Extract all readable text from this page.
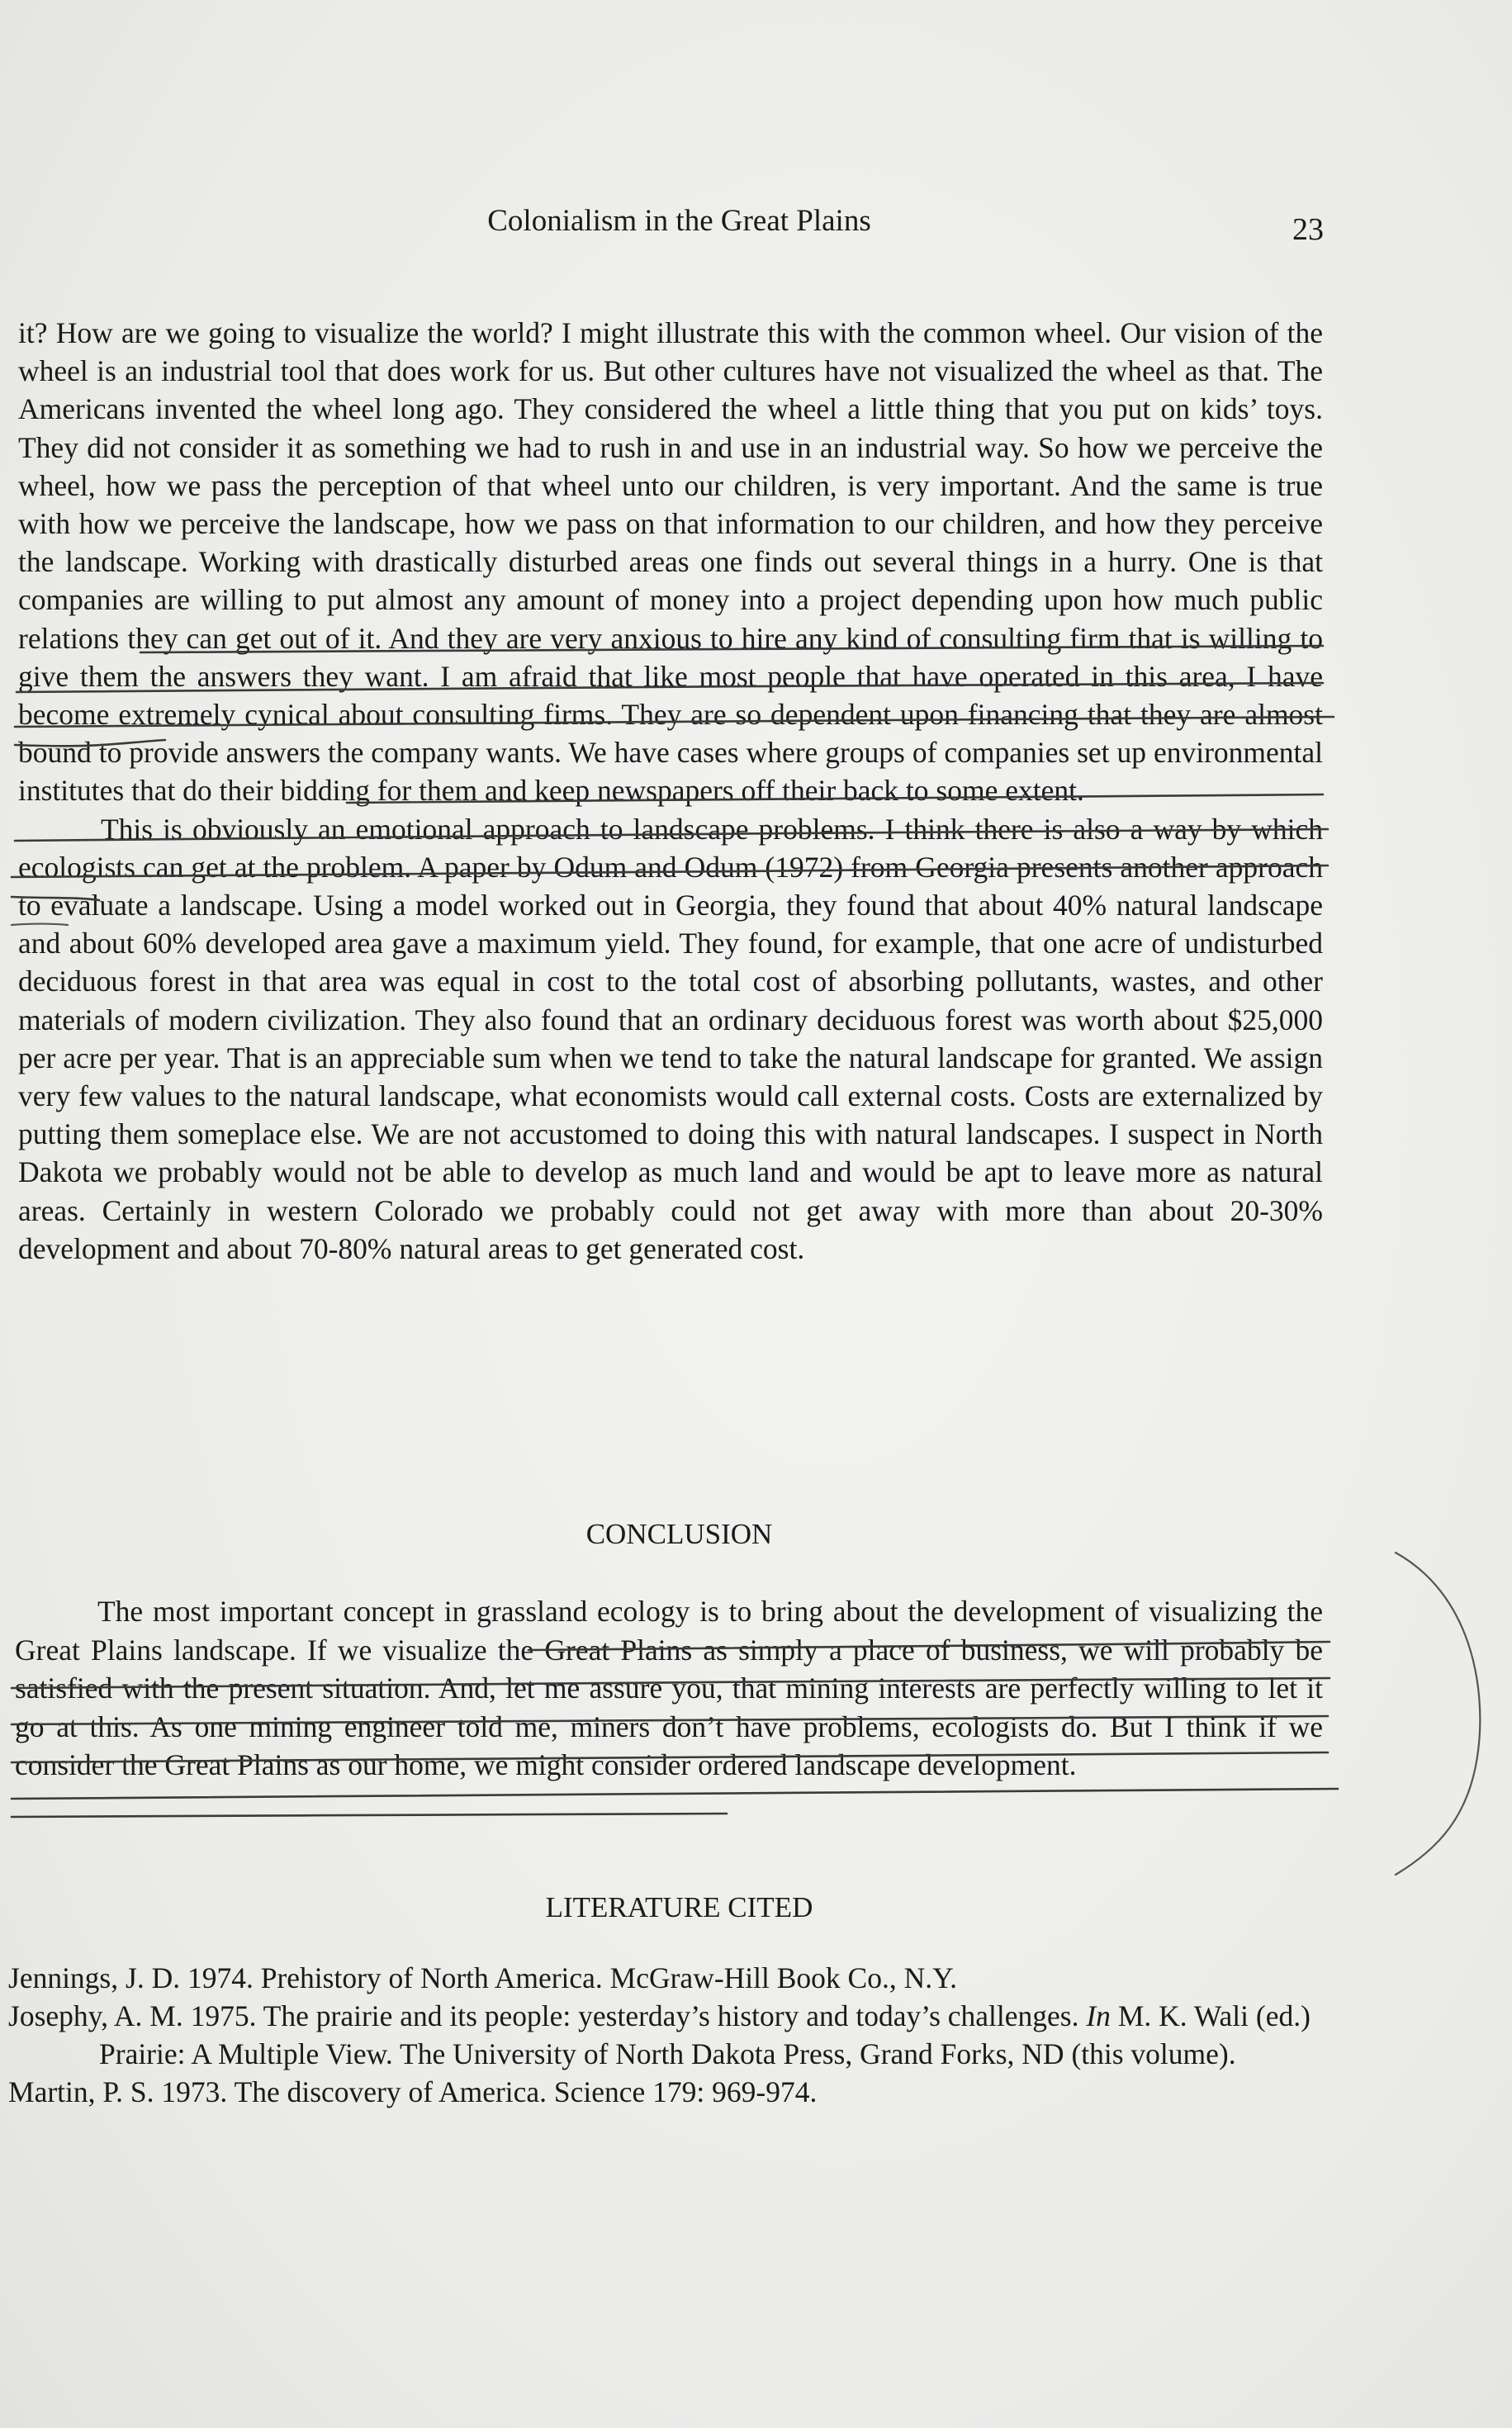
Colonialism in the Great Plains	23

it? How are we going to visualize the world? I might illustrate this with the common wheel. Our vision of the wheel is an industrial tool that does work for us. But other cultures have not visualized the wheel as that. The Americans invented the wheel long ago. They considered the wheel a little thing that you put on kids’ toys. They did not consider it as something we had to rush in and use in an industrial way. So how we perceive the wheel, how we pass the perception of that wheel unto our children, is very important. And the same is true with how we perceive the landscape, how we pass on that information to our children, and how they perceive the landscape. Working with drastically disturbed areas one finds out several things in a hurry. One is that companies are willing to put almost any amount of money into a project depending upon how much public relations they can get out of it. And they are very anxious to hire any kind of consulting firm that is willing to give them the answers they want. I am afraid that like most people that have operated in this area, I have become extremely cynical about consulting firms. They are so dependent upon financing that they are almost bound to provide answers the company wants. We have cases where groups of companies set up environmental institutes that do their bidding for them and keep newspapers off their back to some extent.

This is obviously an emotional approach to landscape problems. I think there is also a way by which ecologists can get at the problem. A paper by Odum and Odum (1972) from Georgia presents another approach to evaluate a landscape. Using a model worked out in Georgia, they found that about 40% natural landscape and about 60% developed area gave a maximum yield. They found, for example, that one acre of undisturbed deciduous forest in that area was equal in cost to the total cost of absorbing pollutants, wastes, and other materials of modern civilization. They also found that an ordinary deciduous forest was worth about $25,000 per acre per year. That is an appreciable sum when we tend to take the natural landscape for granted. We assign very few values to the natural landscape, what economists would call external costs. Costs are externalized by putting them someplace else. We are not accustomed to doing this with natural landscapes. I suspect in North Dakota we probably would not be able to develop as much land and would be apt to leave more as natural areas. Certainly in western Colorado we probably could not get away with more than about 20-30% development and about 70-80% natural areas to get generated cost.

CONCLUSION

The most important concept in grassland ecology is to bring about the development of visualizing the Great Plains landscape. If we visualize the Great Plains as simply a place of business, we will probably be satisfied with the present situation. And, let me assure you, that mining interests are perfectly willing to let it go at this. As one mining engineer told me, miners don’t have problems, ecologists do. But I think if we consider the Great Plains as our home, we might consider ordered landscape development.

LITERATURE CITED

Jennings, J. D. 1974. Prehistory of North America. McGraw-Hill Book Co., N.Y.

Josephy, A. M. 1975. The prairie and its people: yesterday’s history and today’s challenges. In M. K. Wali (ed.) Prairie: A Multiple View. The University of North Dakota Press, Grand Forks, ND (this volume).

Martin, P. S. 1973. The discovery of America. Science 179: 969-974.
